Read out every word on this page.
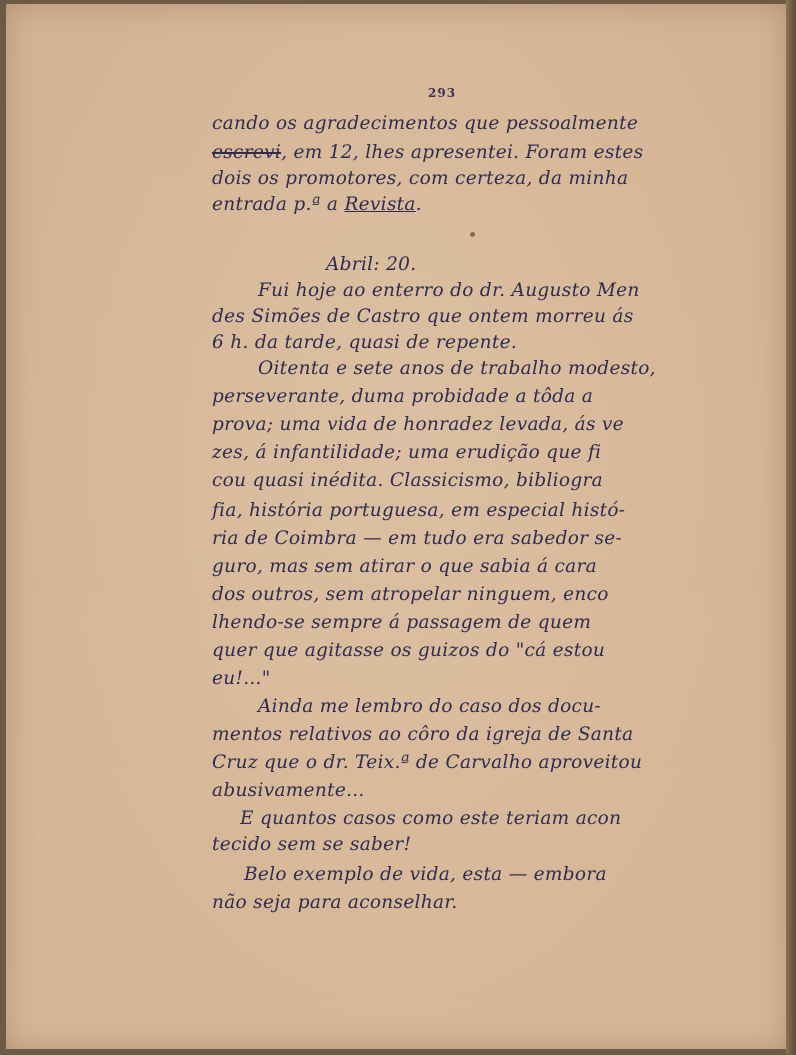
293
cando os agradecimentos que pessoalmente
escrevi, em 12, lhes apresentei. Foram estes
dois os promotores, com certeza, da minha
entrada p.ª a Revista.
Abril: 20.
Fui hoje ao enterro do dr. Augusto Men
des Simões de Castro que ontem morreu ás
6 h. da tarde, quasi de repente.
Oitenta e sete anos de trabalho modesto,
perseverante, duma probidade a tôda a
prova; uma vida de honradez levada, ás ve
zes, á infantilidade; uma erudição que fi
cou quasi inédita. Classicismo, bibliogra
fia, história portuguesa, em especial histó-
ria de Coimbra — em tudo era sabedor se-
guro, mas sem atirar o que sabia á cara
dos outros, sem atropelar ninguem, enco
lhendo-se sempre á passagem de quem
quer que agitasse os guizos do "cá estou
eu!..."
Ainda me lembro do caso dos docu-
mentos relativos ao côro da igreja de Santa
Cruz que o dr. Teix.ª de Carvalho aproveitou
abusivamente...
E quantos casos como este teriam acon
tecido sem se saber!
Belo exemplo de vida, esta — embora
não seja para aconselhar.
